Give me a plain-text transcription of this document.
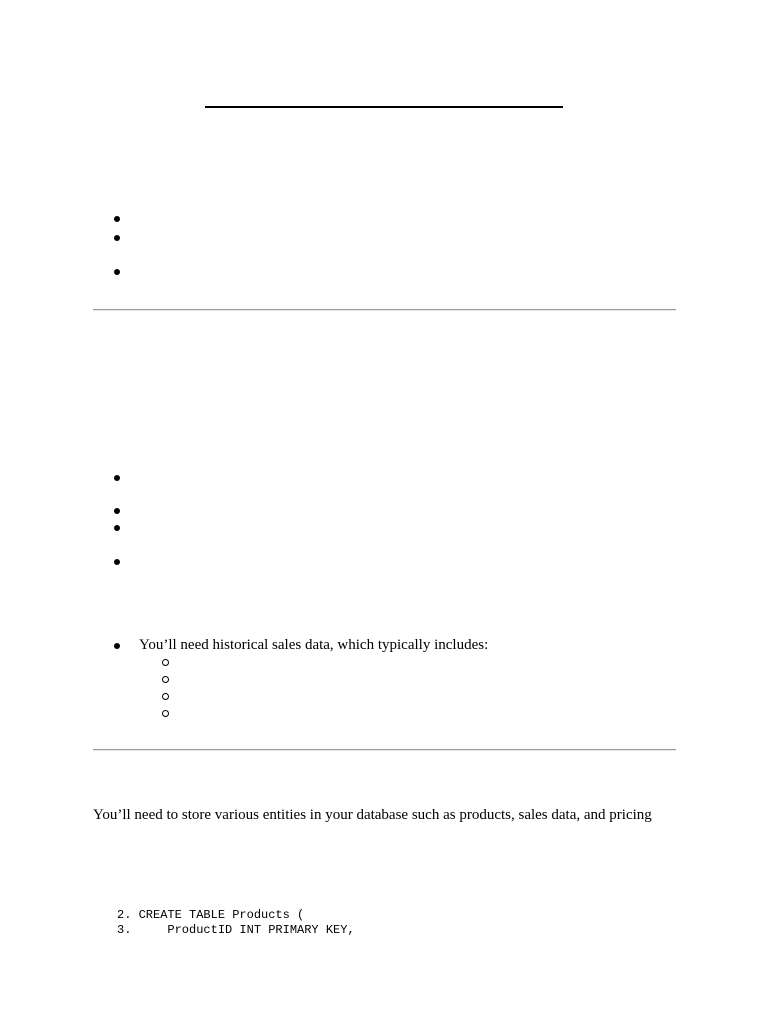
You’ll need historical sales data, which typically includes:
You’ll need to store various entities in your database such as products, sales data, and pricing
2. CREATE TABLE Products (
3.     ProductID INT PRIMARY KEY,
